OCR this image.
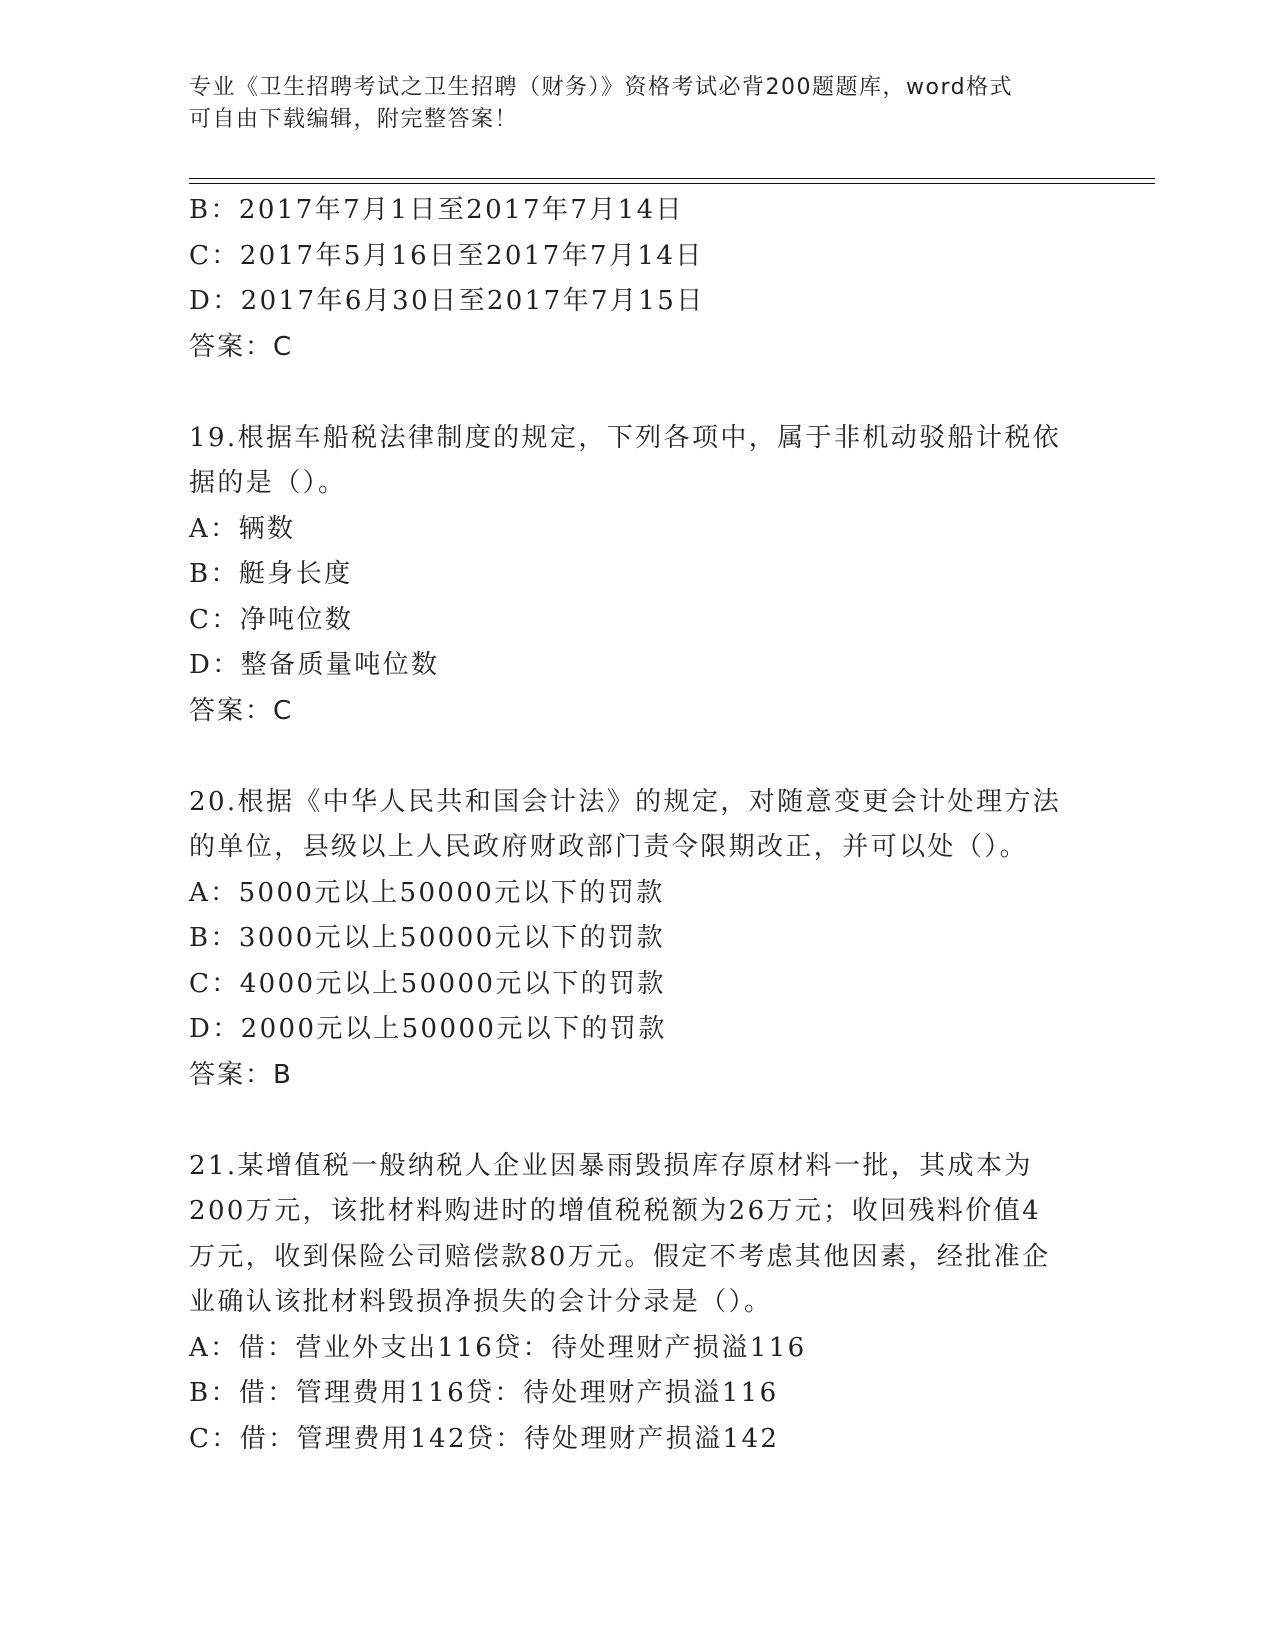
专业《卫生招聘考试之卫生招聘（财务）》资格考试必背200题题库，word格式
可自由下载编辑，附完整答案！
B：2017年7月1日至2017年7月14日
C：2017年5月16日至2017年7月14日
D：2017年6月30日至2017年7月15日
答案：C
19.根据车船税法律制度的规定，下列各项中，属于非机动驳船计税依
据的是（）。
A：辆数
B：艇身长度
C：净吨位数
D：整备质量吨位数
答案：C
20.根据《中华人民共和国会计法》的规定，对随意变更会计处理方法
的单位，县级以上人民政府财政部门责令限期改正，并可以处（）。
A：5000元以上50000元以下的罚款
B：3000元以上50000元以下的罚款
C：4000元以上50000元以下的罚款
D：2000元以上50000元以下的罚款
答案：B
21.某增值税一般纳税人企业因暴雨毁损库存原材料一批，其成本为
200万元，该批材料购进时的增值税税额为26万元；收回残料价值4
万元，收到保险公司赔偿款80万元。假定不考虑其他因素，经批准企
业确认该批材料毁损净损失的会计分录是（）。
A：借：营业外支出116贷：待处理财产损溢116
B：借：管理费用116贷：待处理财产损溢116
C：借：管理费用142贷：待处理财产损溢142
